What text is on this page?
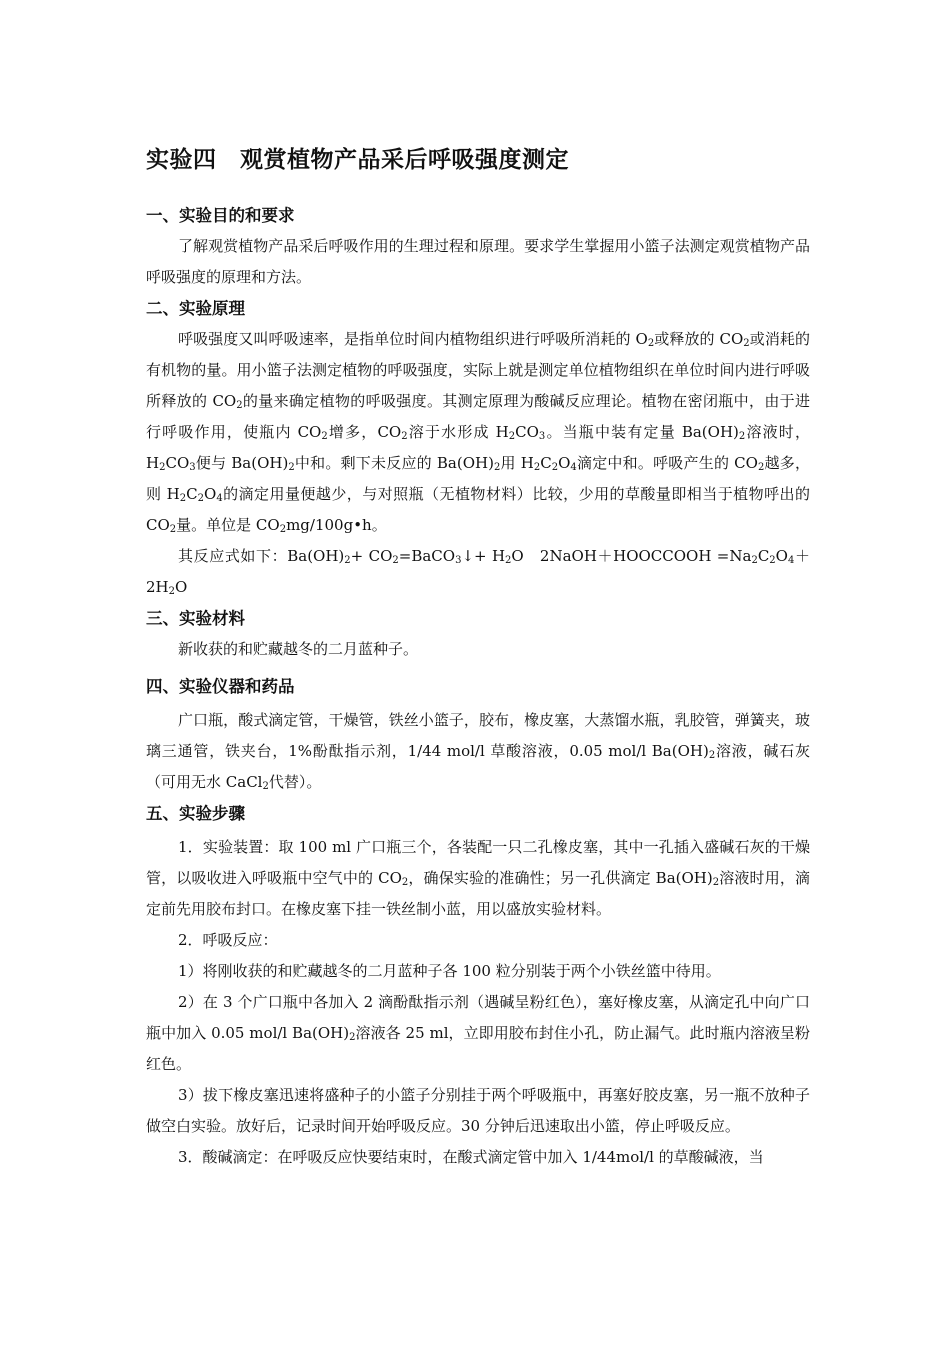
实验四　观赏植物产品采后呼吸强度测定
一、实验目的和要求

了解观赏植物产品采后呼吸作用的生理过程和原理。要求学生掌握用小篮子法测定观赏植物产品呼吸强度的原理和方法。

二、实验原理

呼吸强度又叫呼吸速率，是指单位时间内植物组织进行呼吸所消耗的 $O_2$或释放的 $CO_2$或消耗的有机物的量。用小篮子法测定植物的呼吸强度，实际上就是测定单位植物组织在单位时间内进行呼吸所释放的 $CO_2$的量来确定植物的呼吸强度。其测定原理为酸碱反应理论。植物在密闭瓶中，由于进行呼吸作用，使瓶内 $CO_2$增多，$CO_2$溶于水形成 $H_2CO_3$。当瓶中装有定量 $Ba(OH)_2$溶液时，$H_2CO_3$便与 $Ba(OH)_2$中和。剩下未反应的 $Ba(OH)_2$用 $H_2C_2O_4$滴定中和。呼吸产生的 $CO_2$越多，则 $H_2C_2O_4$的滴定用量便越少，与对照瓶（无植物材料）比较，少用的草酸量即相当于植物呼出的 $CO_2$量。单位是 $CO_2mg/100g•h$。

其反应式如下：$Ba(OH)_2+$ $CO_2=BaCO_3↓+ H_2O$　2NaOH＋HOOCCOOH $=Na_2C_2O_4+2H_2O$

三、实验材料

新收获的和贮藏越冬的二月蓝种子。

四、实验仪器和药品

广口瓶，酸式滴定管，干燥管，铁丝小篮子，胶布，橡皮塞，大蒸馏水瓶，乳胶管，弹簧夹，玻璃三通管，铁夹台，1%酚酞指示剂，1/44 mol/l 草酸溶液，0.05 mol/l $Ba(OH)_2$溶液，碱石灰（可用无水 CaCl$_2$代替）。

五、实验步骤

1．实验装置：取 100 ml 广口瓶三个，各装配一只二孔橡皮塞，其中一孔插入盛碱石灰的干燥管，以吸收进入呼吸瓶中空气中的 $CO_2$，确保实验的准确性；另一孔供滴定 $Ba(OH)_2$溶液时用，滴定前先用胶布封口。在橡皮塞下挂一铁丝制小蓝，用以盛放实验材料。

2．呼吸反应：

1）将刚收获的和贮藏越冬的二月蓝种子各 100 粒分别装于两个小铁丝篮中待用。

2）在 3 个广口瓶中各加入 2 滴酚酞指示剂（遇碱呈粉红色），塞好橡皮塞，从滴定孔中向广口瓶中加入 0.05 mol/l $Ba(OH)_2$溶液各 25 ml，立即用胶布封住小孔，防止漏气。此时瓶内溶液呈粉红色。

3）拔下橡皮塞迅速将盛种子的小篮子分别挂于两个呼吸瓶中，再塞好胶皮塞，另一瓶不放种子做空白实验。放好后，记录时间开始呼吸反应。30 分钟后迅速取出小篮，停止呼吸反应。

3．酸碱滴定：在呼吸反应快要结束时，在酸式滴定管中加入 1/44mol/l 的草酸碱液，当
